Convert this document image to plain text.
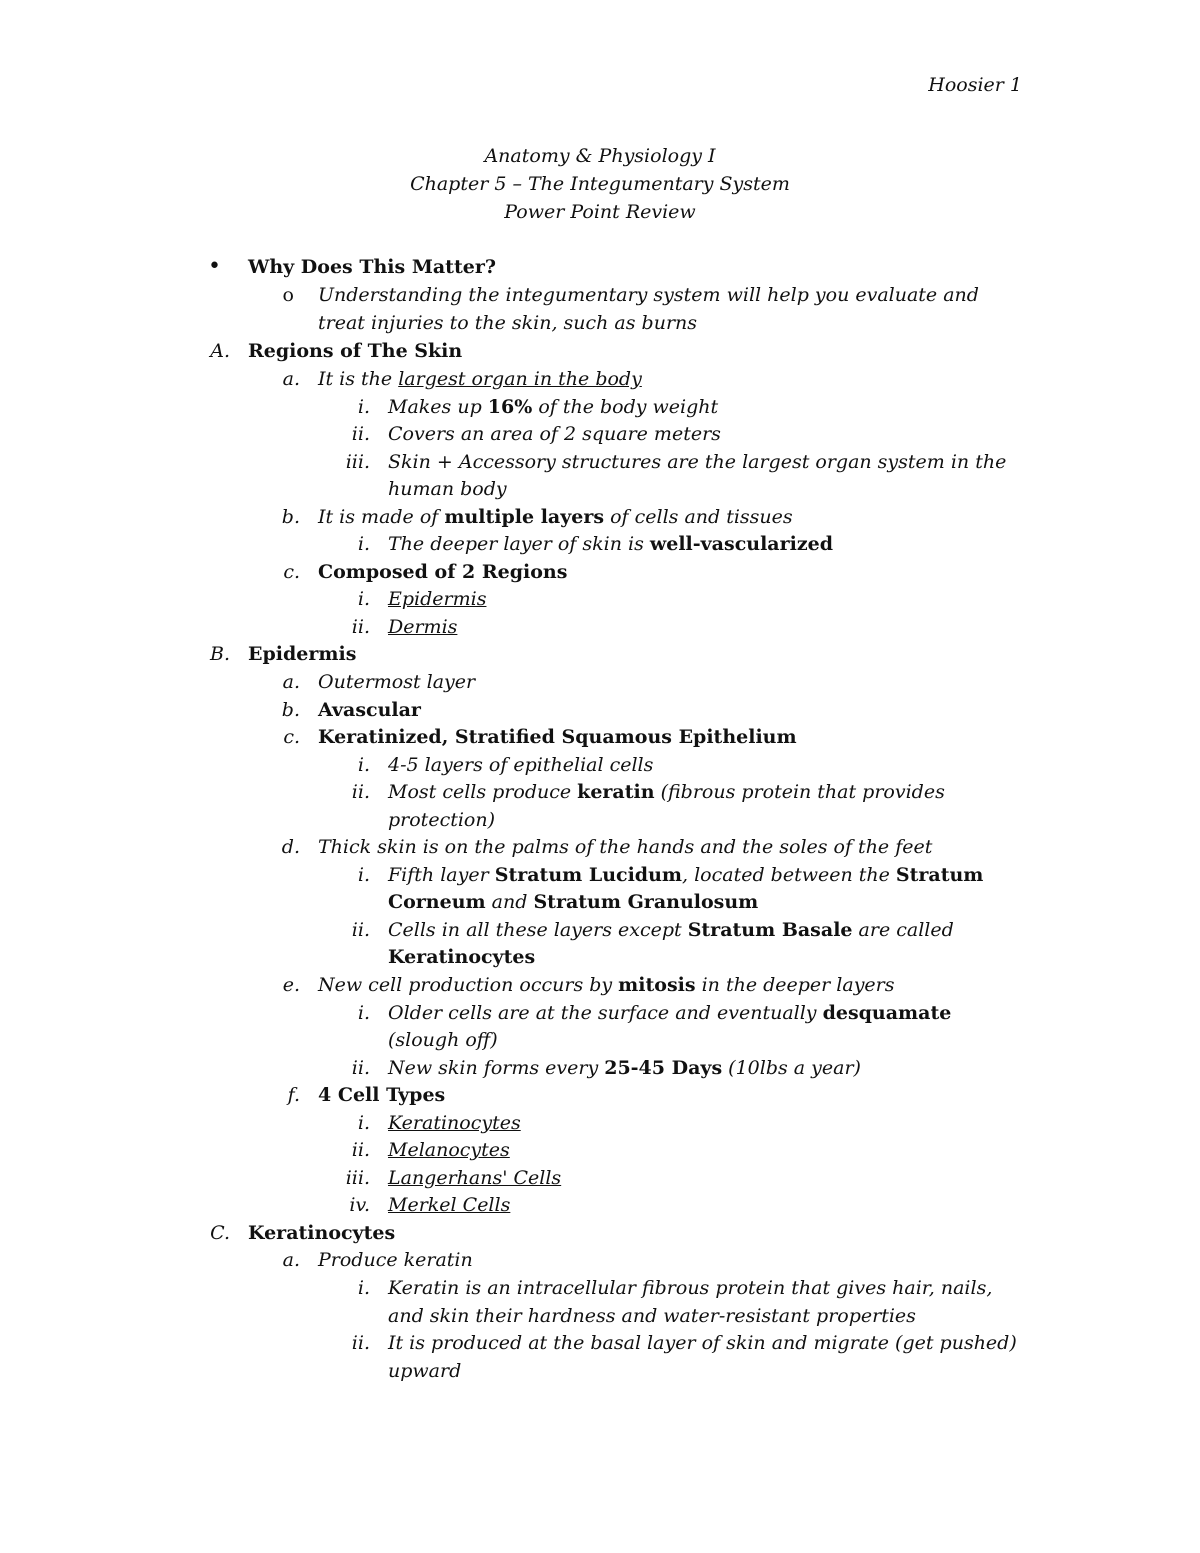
Hoosier 1
Anatomy & Physiology I
Chapter 5 – The Integumentary System
Power Point Review
• Why Does This Matter?
o Understanding the integumentary system will help you evaluate and
treat injuries to the skin, such as burns
A. Regions of The Skin
a. It is the largest organ in the body
i. Makes up 16% of the body weight
ii. Covers an area of 2 square meters
iii. Skin + Accessory structures are the largest organ system in the
human body
b. It is made of multiple layers of cells and tissues
i. The deeper layer of skin is well-vascularized
c. Composed of 2 Regions
i. Epidermis
ii. Dermis
B. Epidermis
a. Outermost layer
b. Avascular
c. Keratinized, Stratified Squamous Epithelium
i. 4-5 layers of epithelial cells
ii. Most cells produce keratin (fibrous protein that provides
protection)
d. Thick skin is on the palms of the hands and the soles of the feet
i. Fifth layer Stratum Lucidum, located between the Stratum
Corneum and Stratum Granulosum
ii. Cells in all these layers except Stratum Basale are called
Keratinocytes
e. New cell production occurs by mitosis in the deeper layers
i. Older cells are at the surface and eventually desquamate
(slough off)
ii. New skin forms every 25-45 Days (10lbs a year)
f. 4 Cell Types
i. Keratinocytes
ii. Melanocytes
iii. Langerhans' Cells
iv. Merkel Cells
C. Keratinocytes
a. Produce keratin
i. Keratin is an intracellular fibrous protein that gives hair, nails,
and skin their hardness and water-resistant properties
ii. It is produced at the basal layer of skin and migrate (get pushed)
upward
